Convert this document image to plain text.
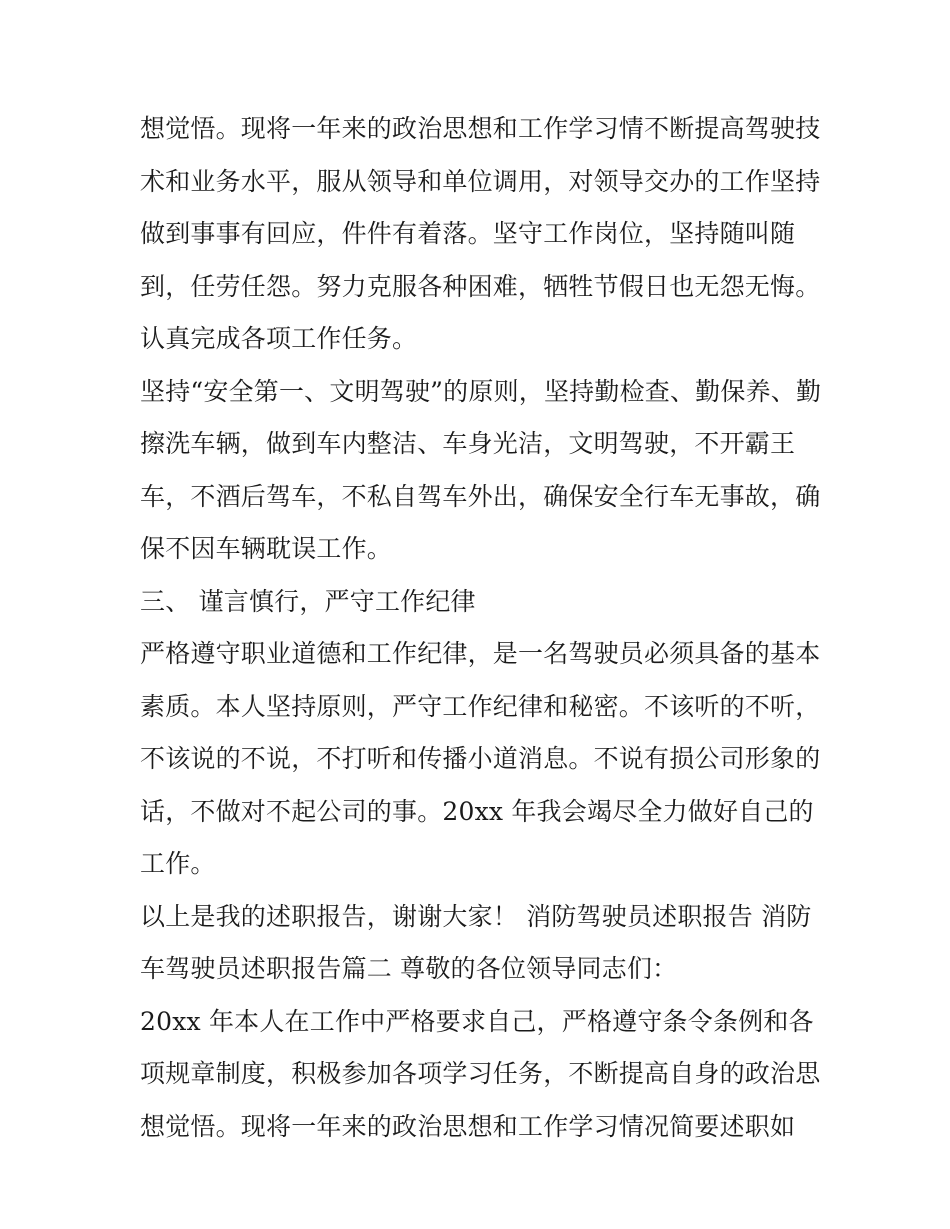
想觉悟。现将一年来的政治思想和工作学习情不断提高驾驶技
术和业务水平，服从领导和单位调用，对领导交办的工作坚持
做到事事有回应，件件有着落。坚守工作岗位，坚持随叫随
到，任劳任怨。努力克服各种困难，牺牲节假日也无怨无悔。
认真完成各项工作任务。
坚持“安全第一、文明驾驶”的原则，坚持勤检查、勤保养、勤
擦洗车辆，做到车内整洁、车身光洁，文明驾驶，不开霸王
车，不酒后驾车，不私自驾车外出，确保安全行车无事故，确
保不因车辆耽误工作。
三、 谨言慎行，严守工作纪律
严格遵守职业道德和工作纪律，是一名驾驶员必须具备的基本
素质。本人坚持原则，严守工作纪律和秘密。不该听的不听，
不该说的不说，不打听和传播小道消息。不说有损公司形象的
话，不做对不起公司的事。20xx 年我会竭尽全力做好自己的
工作。
以上是我的述职报告，谢谢大家！ 消防驾驶员述职报告 消防
车驾驶员述职报告篇二 尊敬的各位领导同志们：
20xx 年本人在工作中严格要求自己，严格遵守条令条例和各
项规章制度，积极参加各项学习任务，不断提高自身的政治思
想觉悟。现将一年来的政治思想和工作学习情况简要述职如
